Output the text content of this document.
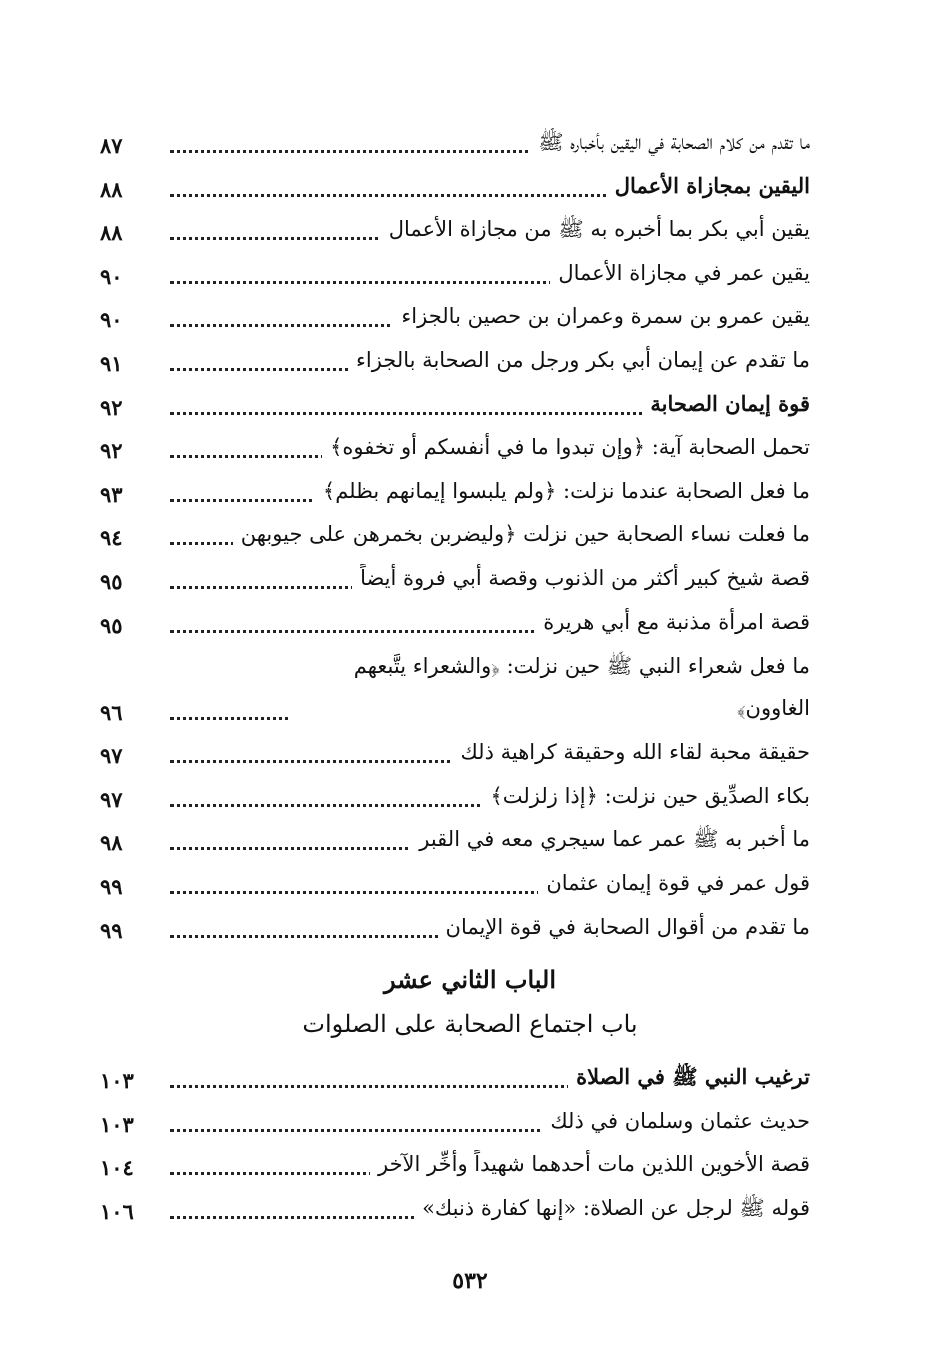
ما تقدم من كلام الصحابة في اليقين بأخباره ﷺ
٨٧
اليقين بمجازاة الأعمال
٨٨
يقين أبي بكر بما أخبره به ﷺ من مجازاة الأعمال
٨٨
يقين عمر في مجازاة الأعمال
٩٠
يقين عمرو بن سمرة وعمران بن حصين بالجزاء
٩٠
ما تقدم عن إيمان أبي بكر ورجل من الصحابة بالجزاء
٩١
قوة إيمان الصحابة
٩٢
تحمل الصحابة آية: ﴿وإن تبدوا ما في أنفسكم أو تخفوه﴾
٩٢
ما فعل الصحابة عندما نزلت: ﴿ولم يلبسوا إيمانهم بظلم﴾
٩٣
ما فعلت نساء الصحابة حين نزلت ﴿وليضربن بخمرهن على جيوبهن
٩٤
قصة شيخ كبير أكثر من الذنوب وقصة أبي فروة أيضاً
٩٥
قصة امرأة مذنبة مع أبي هريرة
٩٥
ما فعل شعراء النبي ﷺ حين نزلت: ﴿والشعراء يتَّبعهم الغاوون﴾
٩٦
حقيقة محبة لقاء الله وحقيقة كراهية ذلك
٩٧
بكاء الصدِّيق حين نزلت: ﴿إذا زلزلت﴾
٩٧
ما أخبر به ﷺ عمر عما سيجري معه في القبر
٩٨
قول عمر في قوة إيمان عثمان
٩٩
ما تقدم من أقوال الصحابة في قوة الإيمان
٩٩
الباب الثاني عشر
باب اجتماع الصحابة على الصلوات
ترغيب النبي ﷺ في الصلاة
١٠٣
حديث عثمان وسلمان في ذلك
١٠٣
قصة الأخوين اللذين مات أحدهما شهيداً وأُخِّر الآخر
١٠٤
قوله ﷺ لرجل عن الصلاة: «إنها كفارة ذنبك»
١٠٦
٥٣٢
